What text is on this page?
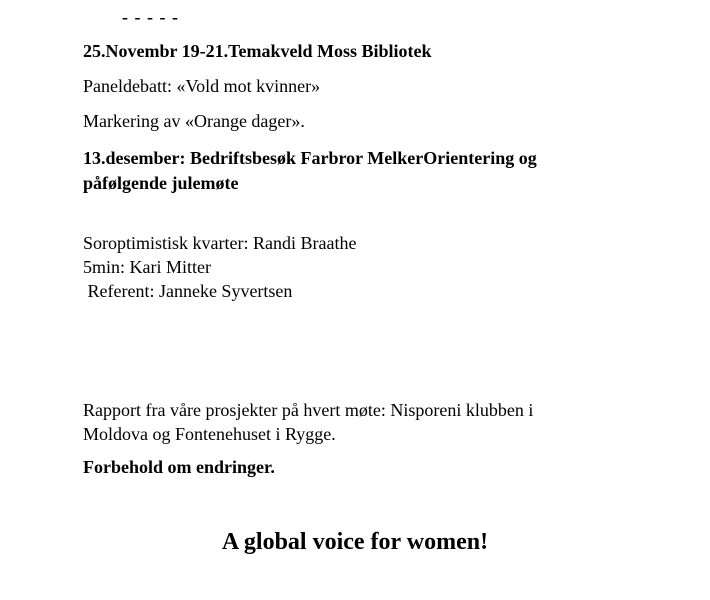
- - - - -
25.Novembr 19-21.Temakveld Moss Bibliotek
Paneldebatt: «Vold mot kvinner»
Markering av «Orange dager».
13.desember: Bedriftsbesøk Farbror MelkerOrientering og
påfølgende julemøte
Soroptimistisk kvarter: Randi Braathe
5min: Kari Mitter
Referent: Janneke Syvertsen
Rapport fra våre prosjekter på hvert møte: Nisporeni klubben i
Moldova og Fontenehuset i Rygge.
Forbehold om endringer.
A global voice for women!
